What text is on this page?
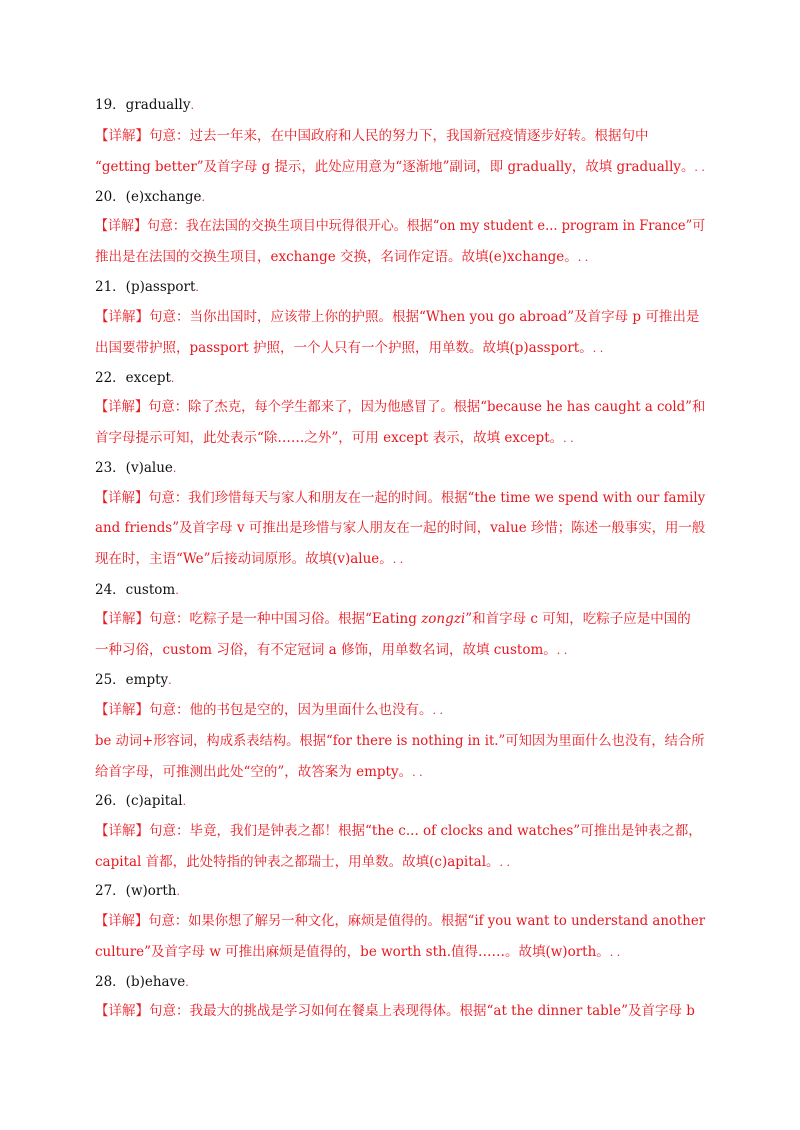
19．gradually.

【详解】句意：过去一年来，在中国政府和人民的努力下，我国新冠疫情逐步好转。根据句中

“getting better”及首字母 g 提示，此处应用意为“逐渐地”副词，即 gradually，故填 gradually。. .

20．(e)xchange.

【详解】句意：我在法国的交换生项目中玩得很开心。根据“on my student e... program in France”可

推出是在法国的交换生项目，exchange 交换，名词作定语。故填(e)xchange。. .

21．(p)assport.

【详解】句意：当你出国时，应该带上你的护照。根据“When you go abroad”及首字母 p 可推出是

出国要带护照，passport 护照，一个人只有一个护照，用单数。故填(p)assport。. .

22．except.

【详解】句意：除了杰克，每个学生都来了，因为他感冒了。根据“because he has caught a cold”和

首字母提示可知，此处表示“除……之外”，可用 except 表示，故填 except。. .

23．(v)alue.

【详解】句意：我们珍惜每天与家人和朋友在一起的时间。根据“the time we spend with our family

and friends”及首字母 v 可推出是珍惜与家人朋友在一起的时间，value 珍惜；陈述一般事实，用一般

现在时，主语“We”后接动词原形。故填(v)alue。. .

24．custom.

【详解】句意：吃粽子是一种中国习俗。根据“Eating zongzi”和首字母 c 可知，吃粽子应是中国的

一种习俗，custom 习俗，有不定冠词 a 修饰，用单数名词，故填 custom。. .

25．empty.

【详解】句意：他的书包是空的，因为里面什么也没有。. .

be 动词+形容词，构成系表结构。根据“for there is nothing in it.”可知因为里面什么也没有，结合所

给首字母，可推测出此处“空的”，故答案为 empty。. .

26．(c)apital.

【详解】句意：毕竟，我们是钟表之都！根据“the c... of clocks and watches”可推出是钟表之都，

capital 首都，此处特指的钟表之都瑞士，用单数。故填(c)apital。. .

27．(w)orth.

【详解】句意：如果你想了解另一种文化，麻烦是值得的。根据“if you want to understand another

culture”及首字母 w 可推出麻烦是值得的，be worth sth.值得……。故填(w)orth。. .

28．(b)ehave.

【详解】句意：我最大的挑战是学习如何在餐桌上表现得体。根据“at the dinner table”及首字母 b
